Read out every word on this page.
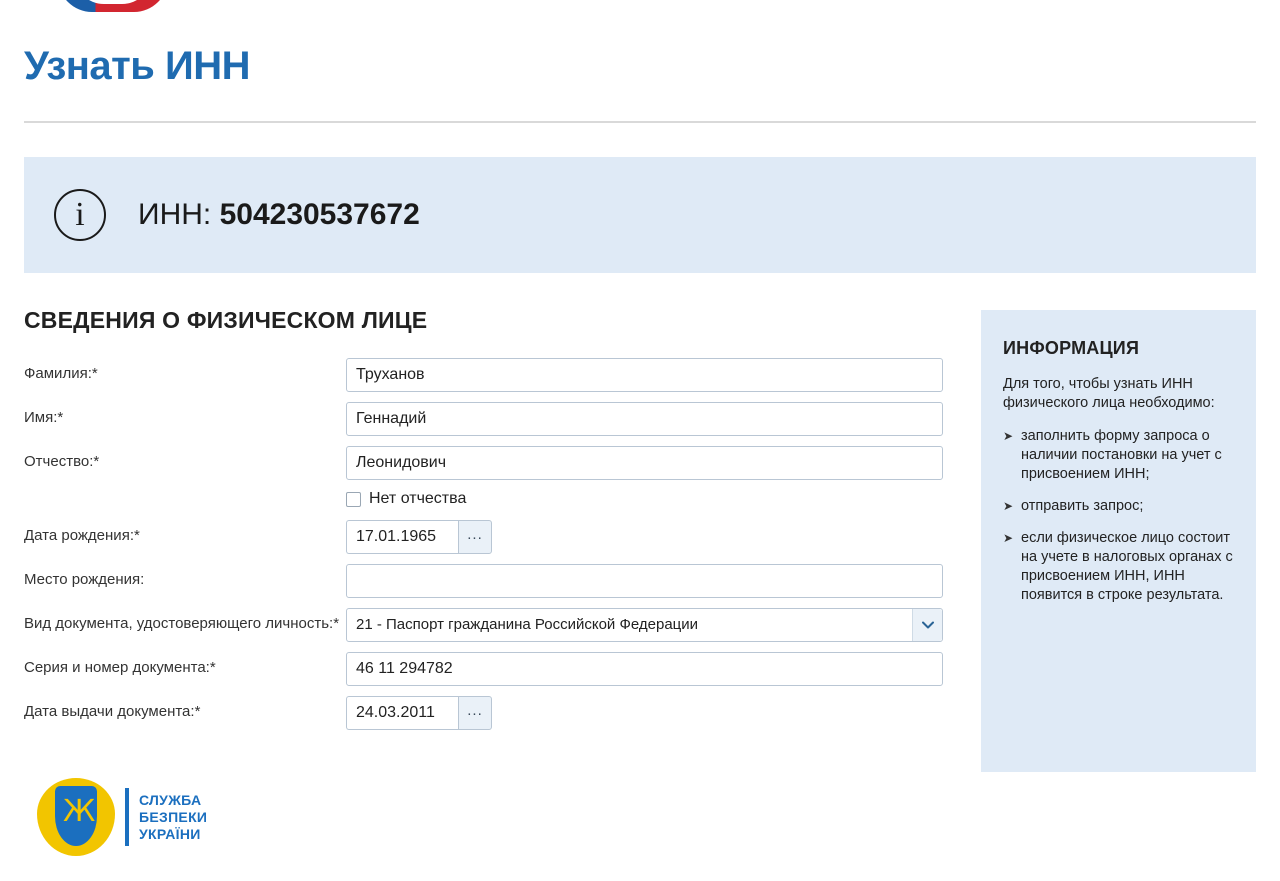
Узнать ИНН
i	ИНН: 504230537672
СВЕДЕНИЯ О ФИЗИЧЕСКОМ ЛИЦЕ
Фамилия:*
Труханов
Имя:*
Геннадий
Отчество:*
Леонидович
Нет отчества
Дата рождения:*
17.01.1965	...
Место рождения:
Вид документа, удостоверяющего личность:*	21 - Паспорт гражданина Российской Федерации
Серия и номер документа:*
46 11 294782
Дата выдачи документа:*
24.03.2011	...
ИНФОРМАЦИЯ

Для того, чтобы узнать ИНН физического лица необходимо:

➤ заполнить форму запроса о наличии постановки на учет с присвоением ИНН;
➤ отправить запрос;
➤ если физическое лицо состоит на учете в налоговых органах с присвоением ИНН, ИНН появится в строке результата.
Ж	СЛУЖБА
БЕЗПЕКИ
УКРАЇНИ
